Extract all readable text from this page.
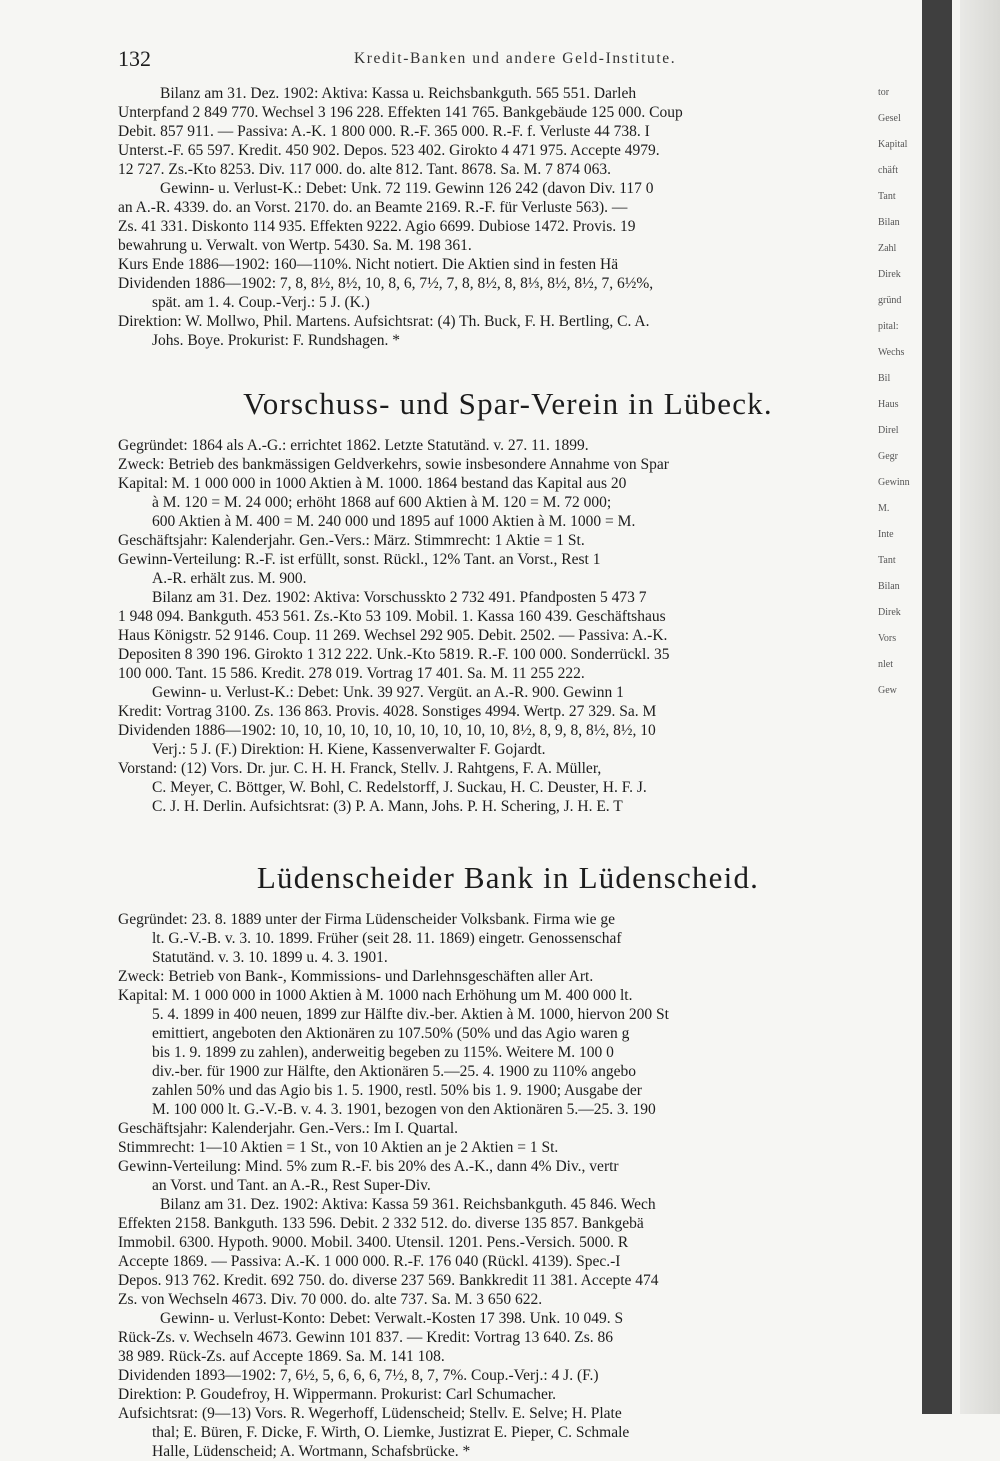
tor
Gesel
Kapital
chäft
Tant
Bilan
Zahl
Direk
gründ
pital:
Wechs
Bil
Haus
Direl
Gegr
Gewinn
M.
Inte
Tant
Bilan
Direk
Vors
nlet
Gew
132	Kredit-Banken und andere Geld-Institute.
Bilanz am 31. Dez. 1902: Aktiva: Kassa u. Reichsbankguth. 565 551. Darleh
Unterpfand 2 849 770. Wechsel 3 196 228. Effekten 141 765. Bankgebäude 125 000. Coup
Debit. 857 911. — Passiva: A.-K. 1 800 000. R.-F. 365 000. R.-F. f. Verluste 44 738. I
Unterst.-F. 65 597. Kredit. 450 902. Depos. 523 402. Girokto 4 471 975. Accepte 4979.
12 727. Zs.-Kto 8253. Div. 117 000. do. alte 812. Tant. 8678. Sa. M. 7 874 063.
Gewinn- u. Verlust-K.: Debet: Unk. 72 119. Gewinn 126 242 (davon Div. 117 0
an A.-R. 4339. do. an Vorst. 2170. do. an Beamte 2169. R.-F. für Verluste 563). —
Zs. 41 331. Diskonto 114 935. Effekten 9222. Agio 6699. Dubiose 1472. Provis. 19
bewahrung u. Verwalt. von Wertp. 5430. Sa. M. 198 361.
Kurs Ende 1886—1902: 160—110%. Nicht notiert. Die Aktien sind in festen Hä
Dividenden 1886—1902: 7, 8, 8½, 8½, 10, 8, 6, 7½, 7, 8, 8½, 8, 8⅓, 8½, 8½, 7, 6½%,
spät. am 1. 4. Coup.-Verj.: 5 J. (K.)
Direktion: W. Mollwo, Phil. Martens. Aufsichtsrat: (4) Th. Buck, F. H. Bertling, C. A.
Johs. Boye. Prokurist: F. Rundshagen. *
Vorschuss- und Spar-Verein in Lübeck.
Gegründet: 1864 als A.-G.: errichtet 1862. Letzte Statutänd. v. 27. 11. 1899.
Zweck: Betrieb des bankmässigen Geldverkehrs, sowie insbesondere Annahme von Spar
Kapital: M. 1 000 000 in 1000 Aktien à M. 1000. 1864 bestand das Kapital aus 20
à M. 120 = M. 24 000; erhöht 1868 auf 600 Aktien à M. 120 = M. 72 000;
600 Aktien à M. 400 = M. 240 000 und 1895 auf 1000 Aktien à M. 1000 = M.
Geschäftsjahr: Kalenderjahr. Gen.-Vers.: März. Stimmrecht: 1 Aktie = 1 St.
Gewinn-Verteilung: R.-F. ist erfüllt, sonst. Rückl., 12% Tant. an Vorst., Rest 1
A.-R. erhält zus. M. 900.
Bilanz am 31. Dez. 1902: Aktiva: Vorschusskto 2 732 491. Pfandposten 5 473 7
1 948 094. Bankguth. 453 561. Zs.-Kto 53 109. Mobil. 1. Kassa 160 439. Geschäftshaus
Haus Königstr. 52 9146. Coup. 11 269. Wechsel 292 905. Debit. 2502. — Passiva: A.-K.
Depositen 8 390 196. Girokto 1 312 222. Unk.-Kto 5819. R.-F. 100 000. Sonderrückl. 35
100 000. Tant. 15 586. Kredit. 278 019. Vortrag 17 401. Sa. M. 11 255 222.
Gewinn- u. Verlust-K.: Debet: Unk. 39 927. Vergüt. an A.-R. 900. Gewinn 1
Kredit: Vortrag 3100. Zs. 136 863. Provis. 4028. Sonstiges 4994. Wertp. 27 329. Sa. M
Dividenden 1886—1902: 10, 10, 10, 10, 10, 10, 10, 10, 10, 10, 8½, 8, 9, 8, 8½, 8½, 10
Verj.: 5 J. (F.) Direktion: H. Kiene, Kassenverwalter F. Gojardt.
Vorstand: (12) Vors. Dr. jur. C. H. H. Franck, Stellv. J. Rahtgens, F. A. Müller,
C. Meyer, C. Böttger, W. Bohl, C. Redelstorff, J. Suckau, H. C. Deuster, H. F. J.
C. J. H. Derlin. Aufsichtsrat: (3) P. A. Mann, Johs. P. H. Schering, J. H. E. T
Lüdenscheider Bank in Lüdenscheid.
Gegründet: 23. 8. 1889 unter der Firma Lüdenscheider Volksbank. Firma wie ge
lt. G.-V.-B. v. 3. 10. 1899. Früher (seit 28. 11. 1869) eingetr. Genossenschaf
Statutänd. v. 3. 10. 1899 u. 4. 3. 1901.
Zweck: Betrieb von Bank-, Kommissions- und Darlehnsgeschäften aller Art.
Kapital: M. 1 000 000 in 1000 Aktien à M. 1000 nach Erhöhung um M. 400 000 lt.
5. 4. 1899 in 400 neuen, 1899 zur Hälfte div.-ber. Aktien à M. 1000, hiervon 200 St
emittiert, angeboten den Aktionären zu 107.50% (50% und das Agio waren g
bis 1. 9. 1899 zu zahlen), anderweitig begeben zu 115%. Weitere M. 100 0
div.-ber. für 1900 zur Hälfte, den Aktionären 5.—25. 4. 1900 zu 110% angebo
zahlen 50% und das Agio bis 1. 5. 1900, restl. 50% bis 1. 9. 1900; Ausgabe der
M. 100 000 lt. G.-V.-B. v. 4. 3. 1901, bezogen von den Aktionären 5.—25. 3. 190
Geschäftsjahr: Kalenderjahr. Gen.-Vers.: Im I. Quartal.
Stimmrecht: 1—10 Aktien = 1 St., von 10 Aktien an je 2 Aktien = 1 St.
Gewinn-Verteilung: Mind. 5% zum R.-F. bis 20% des A.-K., dann 4% Div., vertr
an Vorst. und Tant. an A.-R., Rest Super-Div.
Bilanz am 31. Dez. 1902: Aktiva: Kassa 59 361. Reichsbankguth. 45 846. Wech
Effekten 2158. Bankguth. 133 596. Debit. 2 332 512. do. diverse 135 857. Bankgebä
Immobil. 6300. Hypoth. 9000. Mobil. 3400. Utensil. 1201. Pens.-Versich. 5000. R
Accepte 1869. — Passiva: A.-K. 1 000 000. R.-F. 176 040 (Rückl. 4139). Spec.-I
Depos. 913 762. Kredit. 692 750. do. diverse 237 569. Bankkredit 11 381. Accepte 474
Zs. von Wechseln 4673. Div. 70 000. do. alte 737. Sa. M. 3 650 622.
Gewinn- u. Verlust-Konto: Debet: Verwalt.-Kosten 17 398. Unk. 10 049. S
Rück-Zs. v. Wechseln 4673. Gewinn 101 837. — Kredit: Vortrag 13 640. Zs. 86
38 989. Rück-Zs. auf Accepte 1869. Sa. M. 141 108.
Dividenden 1893—1902: 7, 6½, 5, 6, 6, 6, 7½, 8, 7, 7%. Coup.-Verj.: 4 J. (F.)
Direktion: P. Goudefroy, H. Wippermann. Prokurist: Carl Schumacher.
Aufsichtsrat: (9—13) Vors. R. Wegerhoff, Lüdenscheid; Stellv. E. Selve; H. Plate
thal; E. Büren, F. Dicke, F. Wirth, O. Liemke, Justizrat E. Pieper, C. Schmale
Halle, Lüdenscheid; A. Wortmann, Schafsbrücke. *
